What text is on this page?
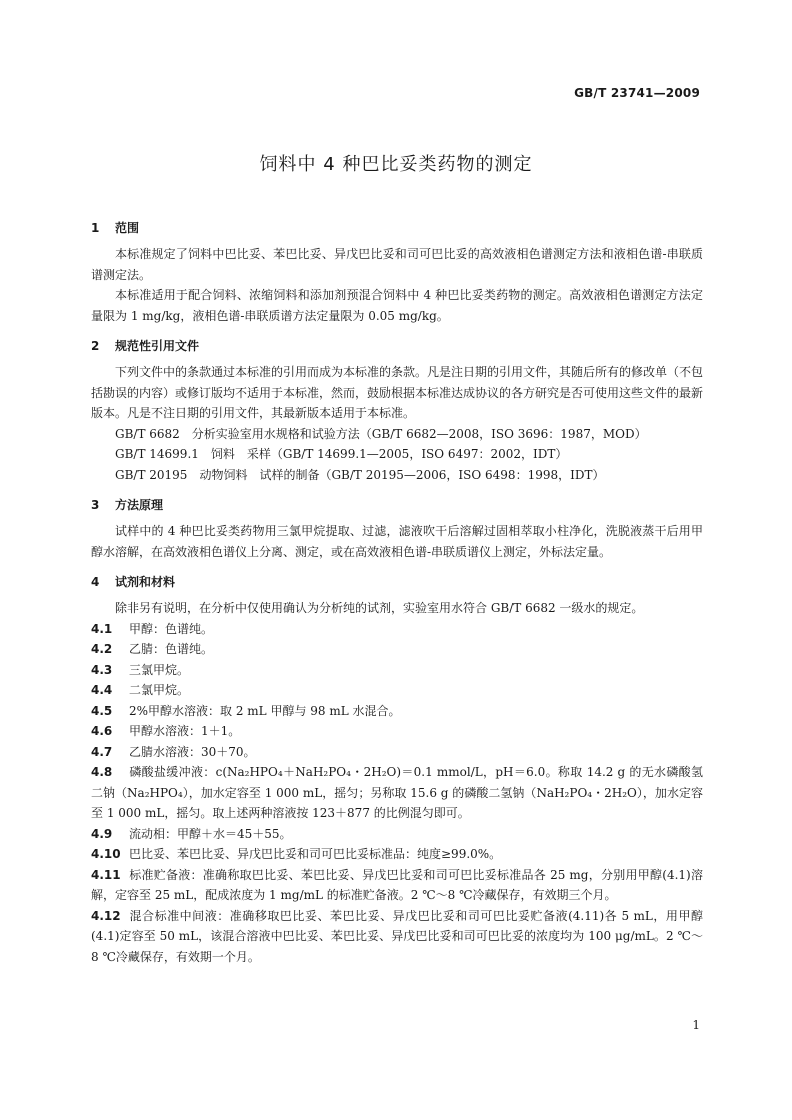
GB/T 23741—2009
饲料中 4 种巴比妥类药物的测定
1 范围
本标准规定了饲料中巴比妥、苯巴比妥、异戊巴比妥和司可巴比妥的高效液相色谱测定方法和液相色谱-串联质谱测定法。
本标准适用于配合饲料、浓缩饲料和添加剂预混合饲料中 4 种巴比妥类药物的测定。高效液相色谱测定方法定量限为 1 mg/kg，液相色谱-串联质谱方法定量限为 0.05 mg/kg。
2 规范性引用文件
下列文件中的条款通过本标准的引用而成为本标准的条款。凡是注日期的引用文件，其随后所有的修改单（不包括勘误的内容）或修订版均不适用于本标准，然而，鼓励根据本标准达成协议的各方研究是否可使用这些文件的最新版本。凡是不注日期的引用文件，其最新版本适用于本标准。
GB/T 6682　分析实验室用水规格和试验方法（GB/T 6682—2008，ISO 3696：1987，MOD）
GB/T 14699.1　饲料　采样（GB/T 14699.1—2005，ISO 6497：2002，IDT）
GB/T 20195　动物饲料　试样的制备（GB/T 20195—2006，ISO 6498：1998，IDT）
3 方法原理
试样中的 4 种巴比妥类药物用三氯甲烷提取、过滤，滤液吹干后溶解过固相萃取小柱净化，洗脱液蒸干后用甲醇水溶解，在高效液相色谱仪上分离、测定，或在高效液相色谱-串联质谱仪上测定，外标法定量。
4 试剂和材料
除非另有说明，在分析中仅使用确认为分析纯的试剂，实验室用水符合 GB/T 6682 一级水的规定。
4.1 甲醇：色谱纯。
4.2 乙腈：色谱纯。
4.3 三氯甲烷。
4.4 二氯甲烷。
4.5 2%甲醇水溶液：取 2 mL 甲醇与 98 mL 水混合。
4.6 甲醇水溶液：1＋1。
4.7 乙腈水溶液：30＋70。
4.8 磷酸盐缓冲液：c(Na₂HPO₄＋NaH₂PO₄・2H₂O)＝0.1 mmol/L，pH＝6.0。称取 14.2 g 的无水磷酸氢二钠（Na₂HPO₄），加水定容至 1 000 mL，摇匀；另称取 15.6 g 的磷酸二氢钠（NaH₂PO₄・2H₂O），加水定容至 1 000 mL，摇匀。取上述两种溶液按 123＋877 的比例混匀即可。
4.9 流动相：甲醇＋水＝45＋55。
4.10 巴比妥、苯巴比妥、异戊巴比妥和司可巴比妥标准品：纯度≥99.0%。
4.11 标准贮备液：准确称取巴比妥、苯巴比妥、异戊巴比妥和司可巴比妥标准品各 25 mg，分别用甲醇(4.1)溶解，定容至 25 mL，配成浓度为 1 mg/mL 的标准贮备液。2 ℃～8 ℃冷藏保存，有效期三个月。
4.12 混合标准中间液：准确移取巴比妥、苯巴比妥、异戊巴比妥和司可巴比妥贮备液(4.11)各 5 mL，用甲醇(4.1)定容至 50 mL，该混合溶液中巴比妥、苯巴比妥、异戊巴比妥和司可巴比妥的浓度均为 100 μg/mL。2 ℃～8 ℃冷藏保存，有效期一个月。
1
